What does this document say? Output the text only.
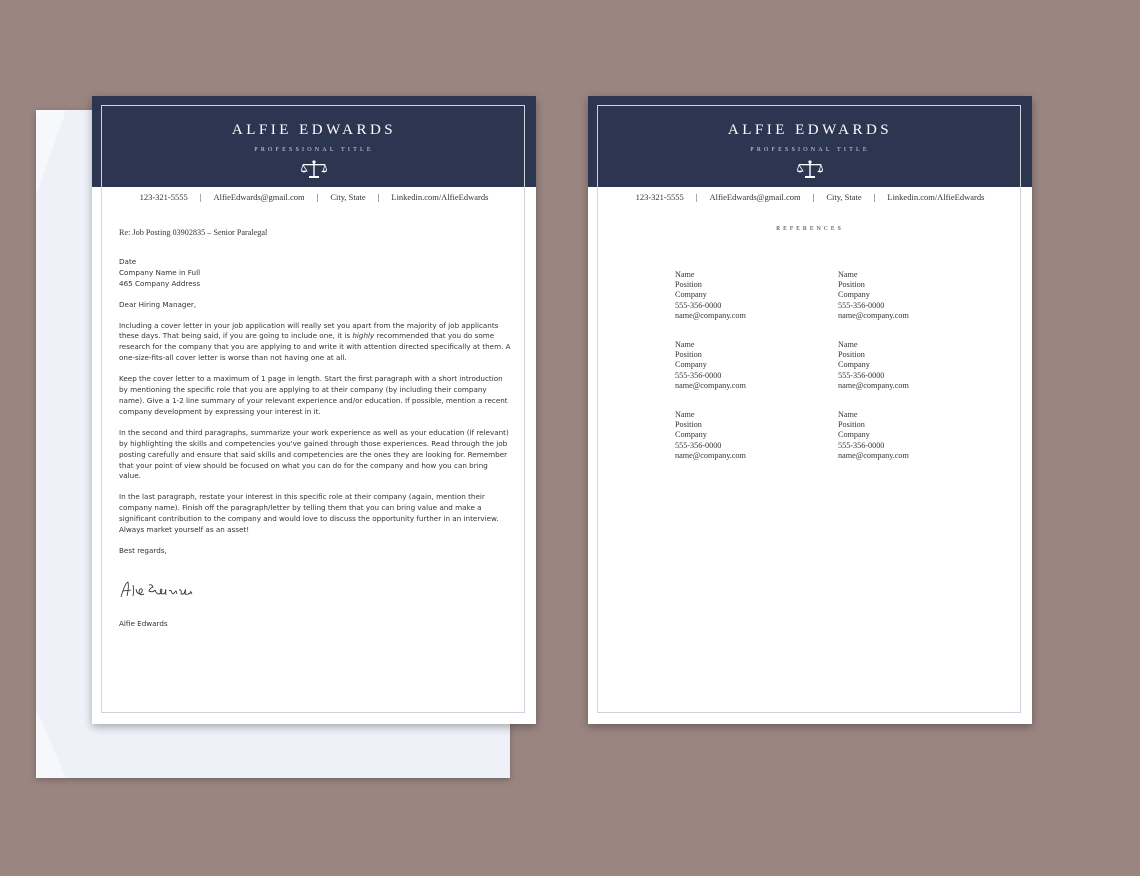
ALFIE EDWARDS
PROFESSIONAL TITLE
123-321-5555 | AlfieEdwards@gmail.com | City, State | Linkedin.com/AlfieEdwards
Re: Job Posting 03902835 – Senior Paralegal

Date
Company Name in Full
465 Company Address

Dear Hiring Manager,

Including a cover letter in your job application will really set you apart from the majority of job applicants these days. That being said, if you are going to include one, it is highly recommended that you do some research for the company that you are applying to and write it with attention directed specifically at them. A one-size-fits-all cover letter is worse than not having one at all.

Keep the cover letter to a maximum of 1 page in length. Start the first paragraph with a short introduction by mentioning the specific role that you are applying to at their company (by including their company name). Give a 1-2 line summary of your relevant experience and/or education. If possible, mention a recent company development by expressing your interest in it.

In the second and third paragraphs, summarize your work experience as well as your education (if relevant) by highlighting the skills and competencies you've gained through those experiences. Read through the job posting carefully and ensure that said skills and competencies are the ones they are looking for. Remember that your point of view should be focused on what you can do for the company and how you can bring value.

In the last paragraph, restate your interest in this specific role at their company (again, mention their company name). Finish off the paragraph/letter by telling them that you can bring value and make a significant contribution to the company and would love to discuss the opportunity further in an interview. Always market yourself as an asset!

Best regards,

Alfie Edwards

ALFIE EDWARDS
PROFESSIONAL TITLE
123-321-5555 | AlfieEdwards@gmail.com | City, State | Linkedin.com/AlfieEdwards
REFERENCES
Name
Position
Company
555-356-0000
name@company.com
Name
Position
Company
555-356-0000
name@company.com
Name
Position
Company
555-356-0000
name@company.com
Name
Position
Company
555-356-0000
name@company.com
Name
Position
Company
555-356-0000
name@company.com
Name
Position
Company
555-356-0000
name@company.com
